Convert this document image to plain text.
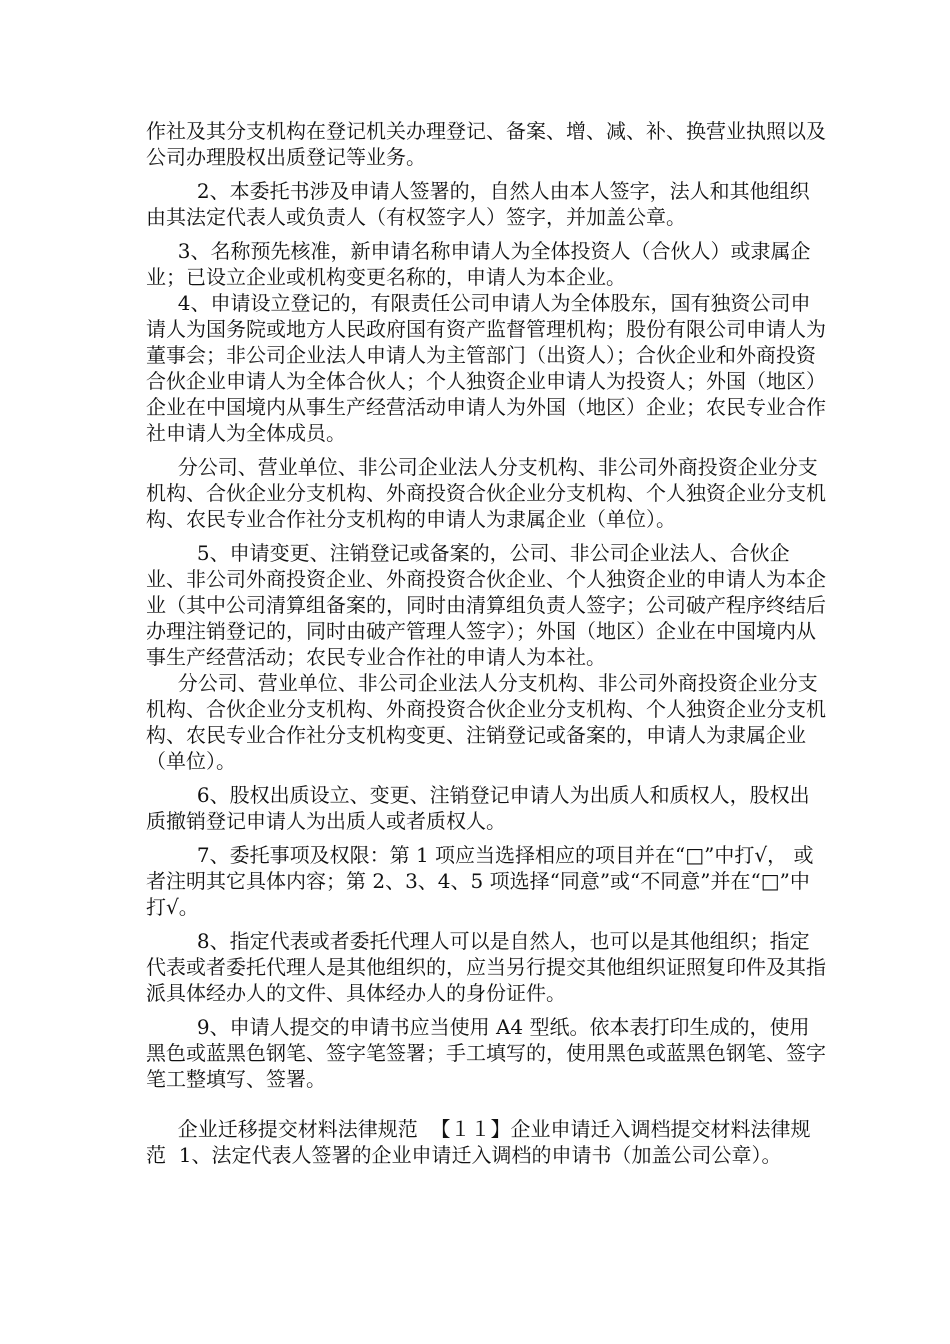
作社及其分支机构在登记机关办理登记、备案、增、减、补、换营业执照以及公司办理股权出质登记等业务。

2、本委托书涉及申请人签署的，自然人由本人签字，法人和其他组织由其法定代表人或负责人（有权签字人）签字，并加盖公章。

3、名称预先核准，新申请名称申请人为全体投资人（合伙人）或隶属企业；已设立企业或机构变更名称的，申请人为本企业。

4、申请设立登记的，有限责任公司申请人为全体股东，国有独资公司申请人为国务院或地方人民政府国有资产监督管理机构；股份有限公司申请人为董事会；非公司企业法人申请人为主管部门（出资人）；合伙企业和外商投资合伙企业申请人为全体合伙人；个人独资企业申请人为投资人；外国（地区）企业在中国境内从事生产经营活动申请人为外国（地区）企业；农民专业合作社申请人为全体成员。

分公司、营业单位、非公司企业法人分支机构、非公司外商投资企业分支机构、合伙企业分支机构、外商投资合伙企业分支机构、个人独资企业分支机构、农民专业合作社分支机构的申请人为隶属企业（单位）。

5、申请变更、注销登记或备案的，公司、非公司企业法人、合伙企业、非公司外商投资企业、外商投资合伙企业、个人独资企业的申请人为本企业（其中公司清算组备案的，同时由清算组负责人签字；公司破产程序终结后办理注销登记的，同时由破产管理人签字）；外国（地区）企业在中国境内从事生产经营活动；农民专业合作社的申请人为本社。

分公司、营业单位、非公司企业法人分支机构、非公司外商投资企业分支机构、合伙企业分支机构、外商投资合伙企业分支机构、个人独资企业分支机构、农民专业合作社分支机构变更、注销登记或备案的，申请人为隶属企业（单位）。

6、股权出质设立、变更、注销登记申请人为出质人和质权人，股权出质撤销登记申请人为出质人或者质权人。

7、委托事项及权限：第 1 项应当选择相应的项目并在“□”中打√， 或者注明其它具体内容；第 2、3、4、5 项选择“同意”或“不同意”并在“□”中打√。

8、指定代表或者委托代理人可以是自然人，也可以是其他组织；指定代表或者委托代理人是其他组织的，应当另行提交其他组织证照复印件及其指派具体经办人的文件、具体经办人的身份证件。

9、申请人提交的申请书应当使用 A4 型纸。依本表打印生成的，使用黑色或蓝黑色钢笔、签字笔签署；手工填写的，使用黑色或蓝黑色钢笔、签字笔工整填写、签署。

企业迁移提交材料法律规范  【１１】企业申请迁入调档提交材料法律规范  1、法定代表人签署的企业申请迁入调档的申请书（加盖公司公章）。
